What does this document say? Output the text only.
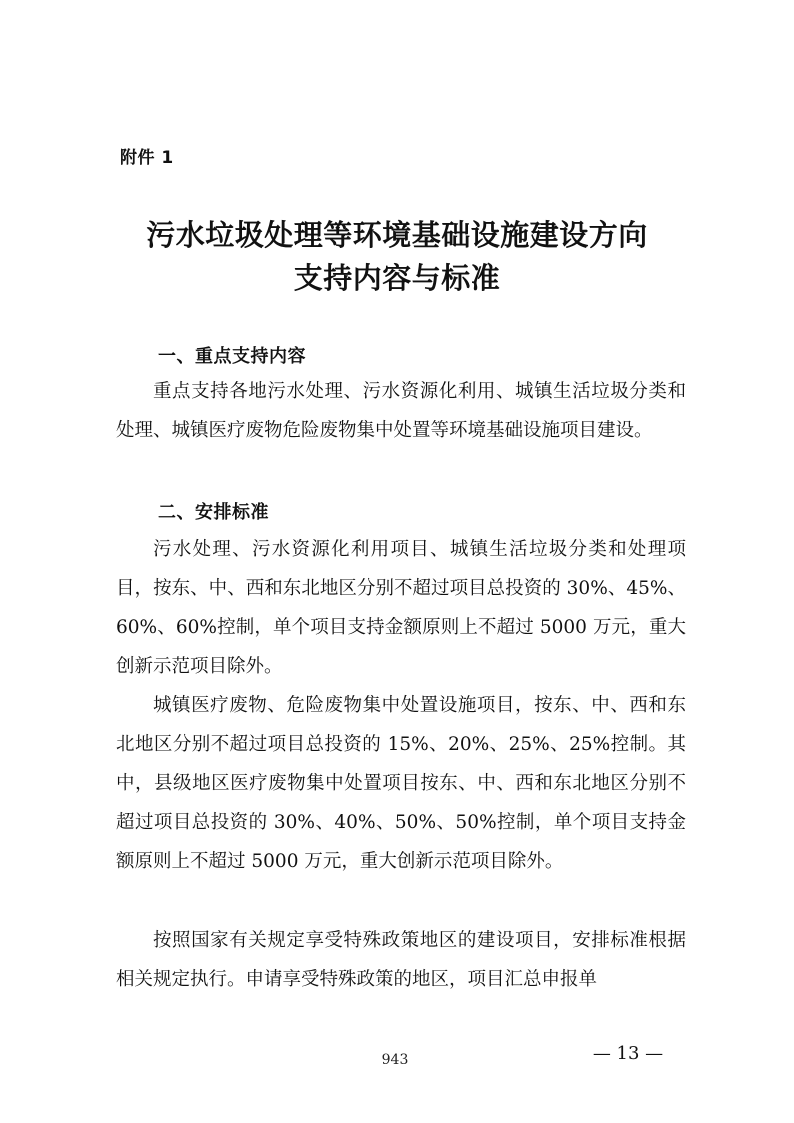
附件 1
污水垃圾处理等环境基础设施建设方向
支持内容与标准
一、重点支持内容
重点支持各地污水处理、污水资源化利用、城镇生活垃圾分类和处理、城镇医疗废物危险废物集中处置等环境基础设施项目建设。
二、安排标准
污水处理、污水资源化利用项目、城镇生活垃圾分类和处理项目，按东、中、西和东北地区分别不超过项目总投资的 30%、45%、60%、60%控制，单个项目支持金额原则上不超过 5000 万元，重大创新示范项目除外。
城镇医疗废物、危险废物集中处置设施项目，按东、中、西和东北地区分别不超过项目总投资的 15%、20%、25%、25%控制。其中，县级地区医疗废物集中处置项目按东、中、西和东北地区分别不超过项目总投资的 30%、40%、50%、50%控制，单个项目支持金额原则上不超过 5000 万元，重大创新示范项目除外。
按照国家有关规定享受特殊政策地区的建设项目，安排标准根据相关规定执行。申请享受特殊政策的地区，项目汇总申报单
943	— 13 —
